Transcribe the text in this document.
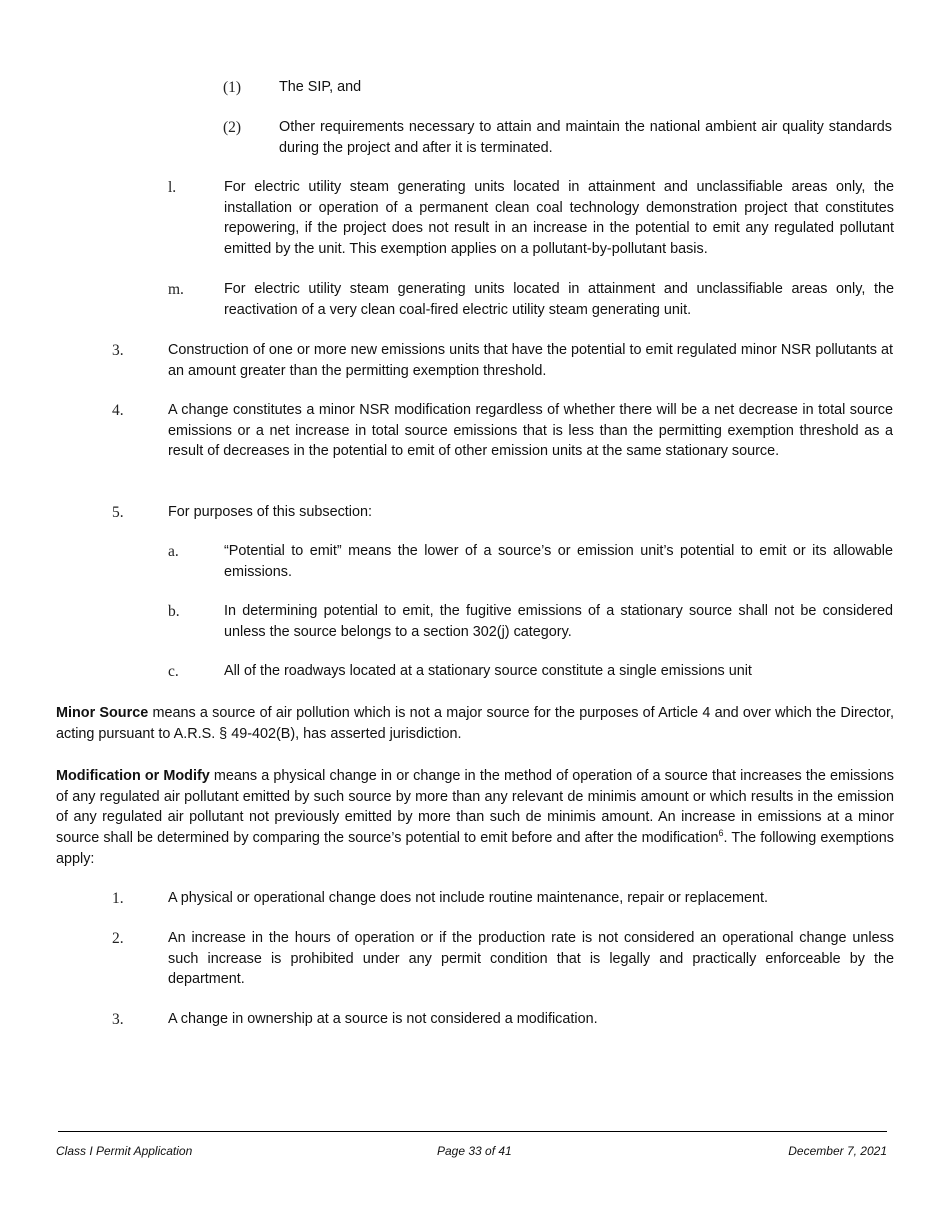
(1)	The SIP, and
(2)	Other requirements necessary to attain and maintain the national ambient air quality standards during the project and after it is terminated.
l.	For electric utility steam generating units located in attainment and unclassifiable areas only, the installation or operation of a permanent clean coal technology demonstration project that constitutes repowering, if the project does not result in an increase in the potential to emit any regulated pollutant emitted by the unit. This exemption applies on a pollutant-by-pollutant basis.
m.	For electric utility steam generating units located in attainment and unclassifiable areas only, the reactivation of a very clean coal-fired electric utility steam generating unit.
3.	Construction of one or more new emissions units that have the potential to emit regulated minor NSR pollutants at an amount greater than the permitting exemption threshold.
4.	A change constitutes a minor NSR modification regardless of whether there will be a net decrease in total source emissions or a net increase in total source emissions that is less than the permitting exemption threshold as a result of decreases in the potential to emit of other emission units at the same stationary source.
5.	For purposes of this subsection:
a.	“Potential to emit” means the lower of a source’s or emission unit’s potential to emit or its allowable emissions.
b.	In determining potential to emit, the fugitive emissions of a stationary source shall not be considered unless the source belongs to a section 302(j) category.
c.	All of the roadways located at a stationary source constitute a single emissions unit
Minor Source means a source of air pollution which is not a major source for the purposes of Article 4 and over which the Director, acting pursuant to A.R.S. § 49-402(B), has asserted jurisdiction.
Modification or Modify means a physical change in or change in the method of operation of a source that increases the emissions of any regulated air pollutant emitted by such source by more than any relevant de minimis amount or which results in the emission of any regulated air pollutant not previously emitted by more than such de minimis amount. An increase in emissions at a minor source shall be determined by comparing the source’s potential to emit before and after the modification$^6$. The following exemptions apply:
1.	A physical or operational change does not include routine maintenance, repair or replacement.
2.	An increase in the hours of operation or if the production rate is not considered an operational change unless such increase is prohibited under any permit condition that is legally and practically enforceable by the department.
3.	A change in ownership at a source is not considered a modification.
Class I Permit Application	Page 33 of 41	December 7, 2021
